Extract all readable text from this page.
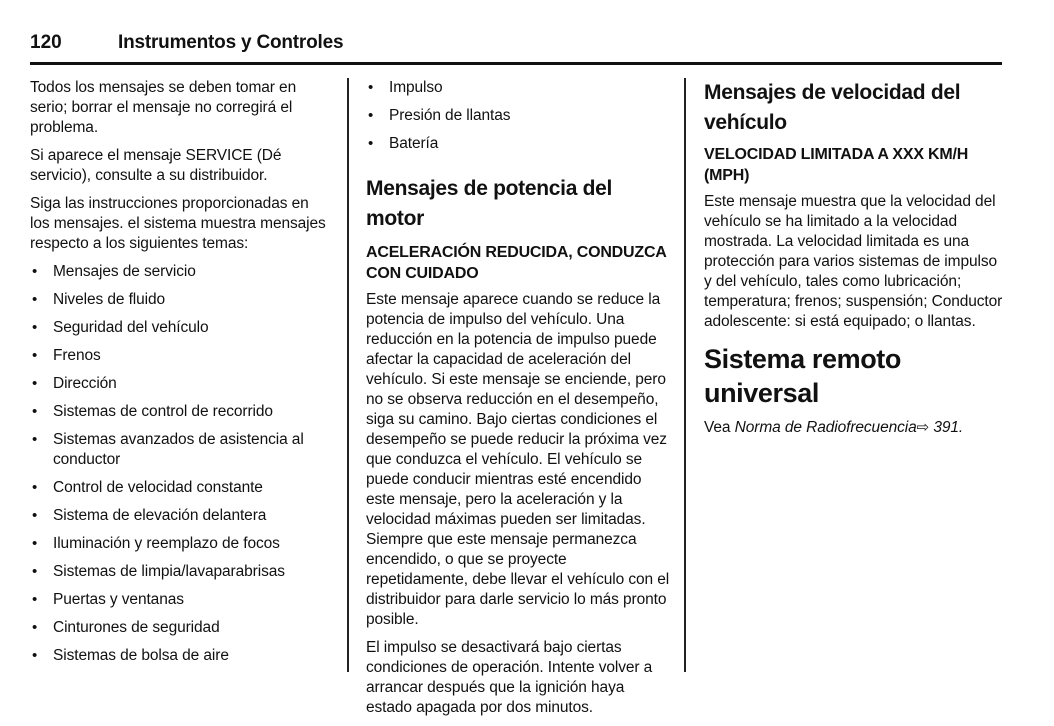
120	Instrumentos y Controles

Todos los mensajes se deben tomar en serio; borrar el mensaje no corregirá el problema.

Si aparece el mensaje SERVICE (Dé servicio), consulte a su distribuidor.

Siga las instrucciones proporcionadas en los mensajes. el sistema muestra mensajes respecto a los siguientes temas:

• Mensajes de servicio
• Niveles de fluido
• Seguridad del vehículo
• Frenos
• Dirección
• Sistemas de control de recorrido
• Sistemas avanzados de asistencia al conductor
• Control de velocidad constante
• Sistema de elevación delantera
• Iluminación y reemplazo de focos
• Sistemas de limpia/lavaparabrisas
• Puertas y ventanas
• Cinturones de seguridad
• Sistemas de bolsa de aire
• Impulso
• Presión de llantas
• Batería
Mensajes de potencia del motor
ACELERACIÓN REDUCIDA, CONDUZCA CON CUIDADO

Este mensaje aparece cuando se reduce la potencia de impulso del vehículo. Una reducción en la potencia de impulso puede afectar la capacidad de aceleración del vehículo. Si este mensaje se enciende, pero no se observa reducción en el desempeño, siga su camino. Bajo ciertas condiciones el desempeño se puede reducir la próxima vez que conduzca el vehículo. El vehículo se puede conducir mientras esté encendido este mensaje, pero la aceleración y la velocidad máximas pueden ser limitadas. Siempre que este mensaje permanezca encendido, o que se proyecte repetidamente, debe llevar el vehículo con el distribuidor para darle servicio lo más pronto posible.

El impulso se desactivará bajo ciertas condiciones de operación. Intente volver a arrancar después que la ignición haya estado apagada por dos minutos.

Mensajes de velocidad del vehículo
VELOCIDAD LIMITADA A XXX KM/H (MPH)

Este mensaje muestra que la velocidad del vehículo se ha limitado a la velocidad mostrada. La velocidad limitada es una protección para varios sistemas de impulso y del vehículo, tales como lubricación; temperatura; frenos; suspensión; Conductor adolescente: si está equipado; o llantas.

Sistema remoto universal

Vea Norma de Radiofrecuencia⇨ 391.
